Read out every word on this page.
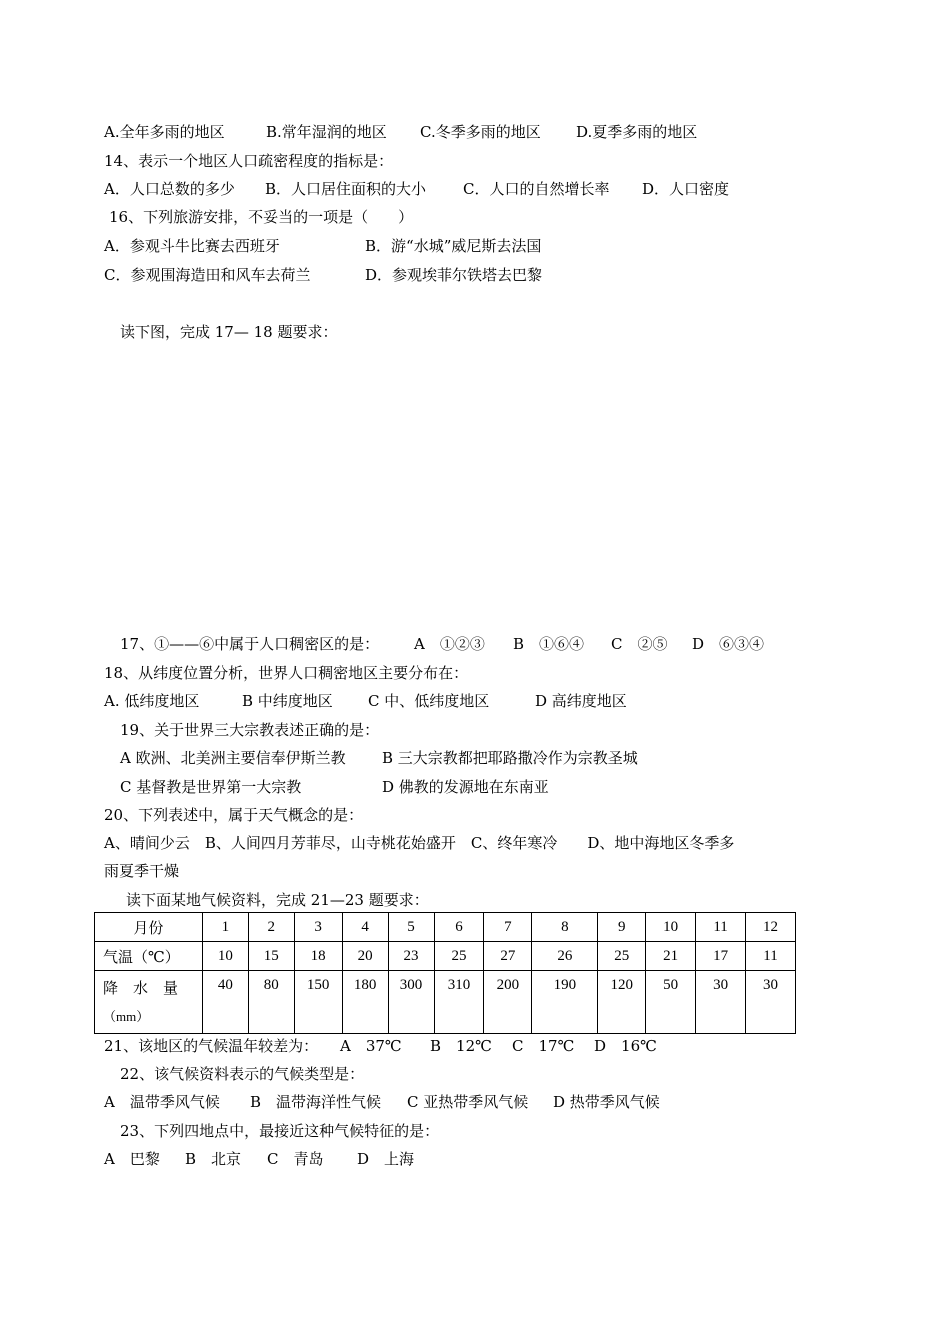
A.全年多雨的地区	B.常年湿润的地区 C.冬季多雨的地区 D.夏季多雨的地区
14、表示一个地区人口疏密程度的指标是：
A．人口总数的多少 B．人口居住面积的大小 C．人口的自然增长率 D．人口密度
16、下列旅游安排，不妥当的一项是（　　）
A．参观斗牛比赛去西班牙	B．游“水城”威尼斯去法国
C．参观围海造田和风车去荷兰	D．参观埃菲尔铁塔去巴黎
读下图，完成 17— 18 题要求：
17、①——⑥中属于人口稠密区的是： A　①②③ B　①⑥④ C　②⑤ D　⑥③④
18、从纬度位置分析，世界人口稠密地区主要分布在：
A. 低纬度地区	B 中纬度地区 C 中、低纬度地区	D 高纬度地区
19、关于世界三大宗教表述正确的是：
A 欧洲、北美洲主要信奉伊斯兰教 B 三大宗教都把耶路撒冷作为宗教圣城
C 基督教是世界第一大宗教	D 佛教的发源地在东南亚
20、下列表述中，属于天气概念的是：
A、晴间少云　B、人间四月芳菲尽，山寺桃花始盛开　C、终年寒冷　　D、地中海地区冬季多
雨夏季干燥
读下面某地气候资料，完成 21—23 题要求：
月份	1	2	3	4	5	6	7	8	9	10	11	12
气温（℃）	10	15	18	20	23	25	27	26	25	21	17	11
降　水　量
（mm）	40	80	150	180	300	310	200	190	120	50	30	30
21、该地区的气候温年较差为： A　37℃ B　12℃ C　17℃ D　16℃
22、该气候资料表示的气候类型是：
A　温带季风气候 B　温带海洋性气候 C 亚热带季风气候 D 热带季风气候
23、下列四地点中，最接近这种气候特征的是：
A　巴黎 B　北京 C　青岛 D　上海
